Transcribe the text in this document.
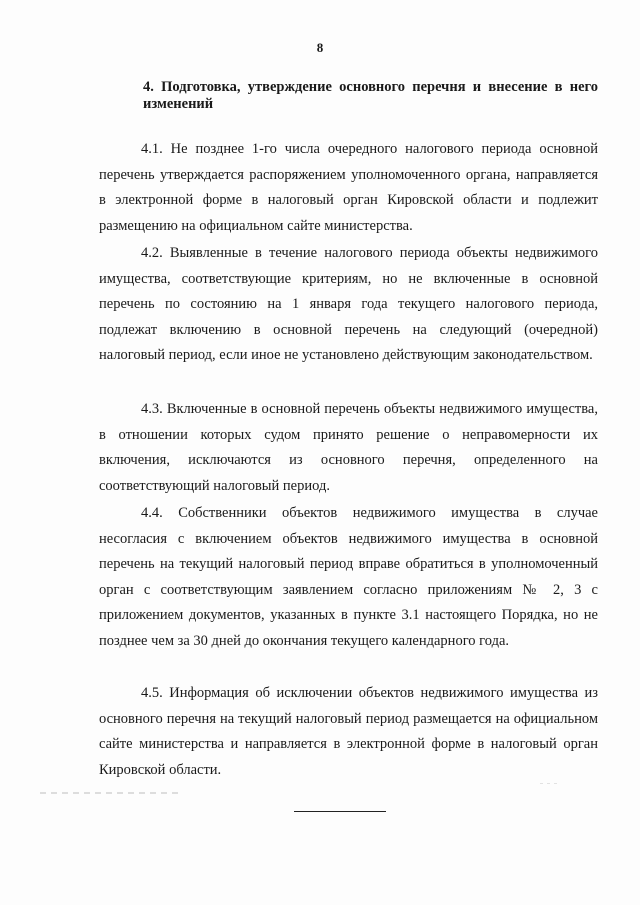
8
4. Подготовка, утверждение основного перечня и внесение в него изменений

4.1. Не позднее 1-го числа очередного налогового периода основной перечень утверждается распоряжением уполномоченного органа, направляется в электронной форме в налоговый орган Кировской области и подлежит размещению на официальном сайте министерства.

4.2. Выявленные в течение налогового периода объекты недвижимого имущества, соответствующие критериям, но не включенные в основной перечень по состоянию на 1 января года текущего налогового периода, подлежат включению в основной перечень на следующий (очередной) налоговый период, если иное не установлено действующим законодательством.

4.3. Включенные в основной перечень объекты недвижимого имущества, в отношении которых судом принято решение о неправомерности их включения, исключаются из основного перечня, определенного на соответствующий налоговый период.

4.4. Собственники объектов недвижимого имущества в случае несогласия с включением объектов недвижимого имущества в основной перечень на текущий налоговый период вправе обратиться в уполномоченный орган с соответствующим заявлением согласно приложениям № 2, 3 с приложением документов, указанных в пункте 3.1 настоящего Порядка, но не позднее чем за 30 дней до окончания текущего календарного года.

4.5. Информация об исключении объектов недвижимого имущества из основного перечня на текущий налоговый период размещается на официальном сайте министерства и направляется в электронной форме в налоговый орган Кировской области.
